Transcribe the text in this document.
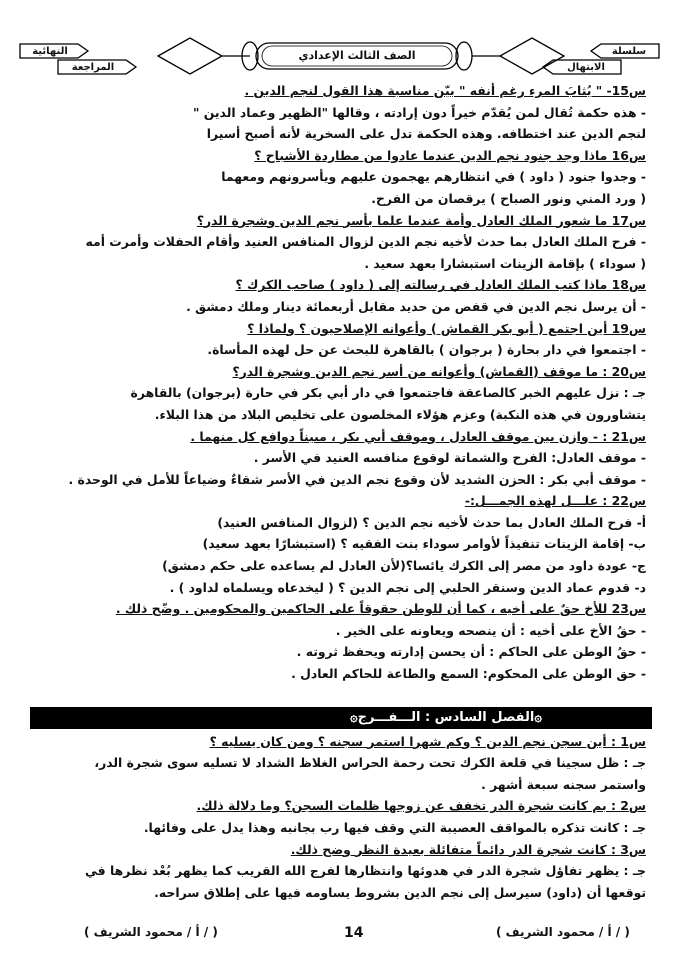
النهائية
المراجعة
الصف الثالث الإعدادي	سلسلة
الابتهال
س15- " يُثابَ المرء رغم أنفه " بيّن مناسبة هذا القول لنجم الدين .
- هذه حكمة تُقال لمن يُقدّم خيراً دون إرادته ، وقالها "الظهير وعماد الدين "
لنجم الدين عند اختطافه. وهذه الحكمة تدل على السخرية لأنه أصبح أسيرا
س16 ماذا وجد جنود نجم الدين عندما عادوا من مطاردة الأشباح ؟
- وجدوا جنود ( داود ) في انتظارهم يهجمون عليهم ويأسرونهم ومعهما
( ورد المني ونور الصباح ) يرقصان من الفرح.
س17 ما شعور الملك العادل وأمة عندما علما بأسر نجم الدين وشجرة الدر؟
- فرح الملك العادل بما حدث لأخيه نجم الدين لزوال المنافس العنيد وأقام الحفلات وأمرت أمه
( سوداء ) بإقامة الزينات استبشارا بعهد سعيد .
س18 ماذا كتب الملك العادل في رسالته إلى ( داود ) صاحب الكرك ؟
- أن يرسل نجم الدين في قفص من حديد مقابل أربعمائة دينار وملك دمشق .
س19 أين اجتمع ( أبو بكر القماش ) وأعوانه الإصلاحيون ؟ ولماذا ؟
- اجتمعوا في دار بحارة ( برجوان ) بالقاهرة للبحث عن حل لهذه المأساة.
س20 : ما موقف (القماش) وأعوانه من أسر نجم الدين وشجرة الدر؟
جـ : نزل عليهم الخبر كالصاعقة فاجتمعوا في دار أبي بكر في حارة (برجوان) بالقاهرة
يتشاورون في هذه النكبة) وعزم هؤلاء المخلصون على تخليص البلاد من هذا البلاء.
س21 : - وازن بين موقف العادل ، وموقف أبي بكر ، مبيناً دوافع كل منهما .
- موقف العادل: الفرح والشماتة لوقوع منافسه العنيد في الأسر .
- موقف أبي بكر : الحزن الشديد لأن وقوع نجم الدين في الأسر شقاءٌ وضياعاً للأمل في الوحدة .
س22 : علـــل لهذه الجمـــل:-
أ- فرح الملك العادل بما حدث لأخيه نجم الدين ؟ (لزوال المنافس العنيد)
ب- إقامة الزينات تنفيذاً لأوامر سوداء بنت الفقيه ؟ (استبشارًا بعهد سعيد)
ج- عودة داود من مصر إلى الكرك يائسا؟(لأن العادل لم يساعده على حكم دمشق)
د- قدوم عماد الدين وسنقر الحلبي إلى نجم الدين ؟ ( ليخدعاه ويسلماه لداود ) .
س23 للأخ حقٌ على أخيه ، كما أن للوطن حقوقاً على الحاكمين والمحكومين . وضّح ذلك .
- حقُ الأخ على أخيه : أن ينصحه ويعاونه على الخير .
- حقُ الوطن على الحاكم : أن يحسن إدارته ويحفظ ثروته .
- حق الوطن على المحكوم: السمع والطاعة للحاكم العادل .
۞الفصل السادس : الـــفـــرج۞
س1 : أين سجن نجم الدين ؟ وكم شهرا استمر سجنه ؟ ومن كان يسليه ؟
جـ : ظل سجينا في قلعة الكرك تحت رحمة الحراس الغلاظ الشداد لا تسليه سوى شجرة الدر،
واستمر سجنه سبعة أشهر .
س2 : بم كانت شجرة الدر تخفف عن زوجها ظلمات السجن؟ وما دلالة ذلك.
جـ : كانت تذكره بالمواقف العصيبة التي وقف فيها رب بجانبه وهذا يدل على وفائها.
س3 : كانت شجرة الدر دائماً متفائلة بعيدة النظر وضح ذلك.
جـ : يظهر تفاؤل شجرة الدر في هدوئها وانتظارها لفرج الله القريب كما يظهر بُعْد نظرها في
توقعها أن (داود) سيرسل إلى نجم الدين بشروط يساومه فيها على إطلاق سراحه.
( أ / محمود الشريف / )
14
( أ / محمود الشريف / )
